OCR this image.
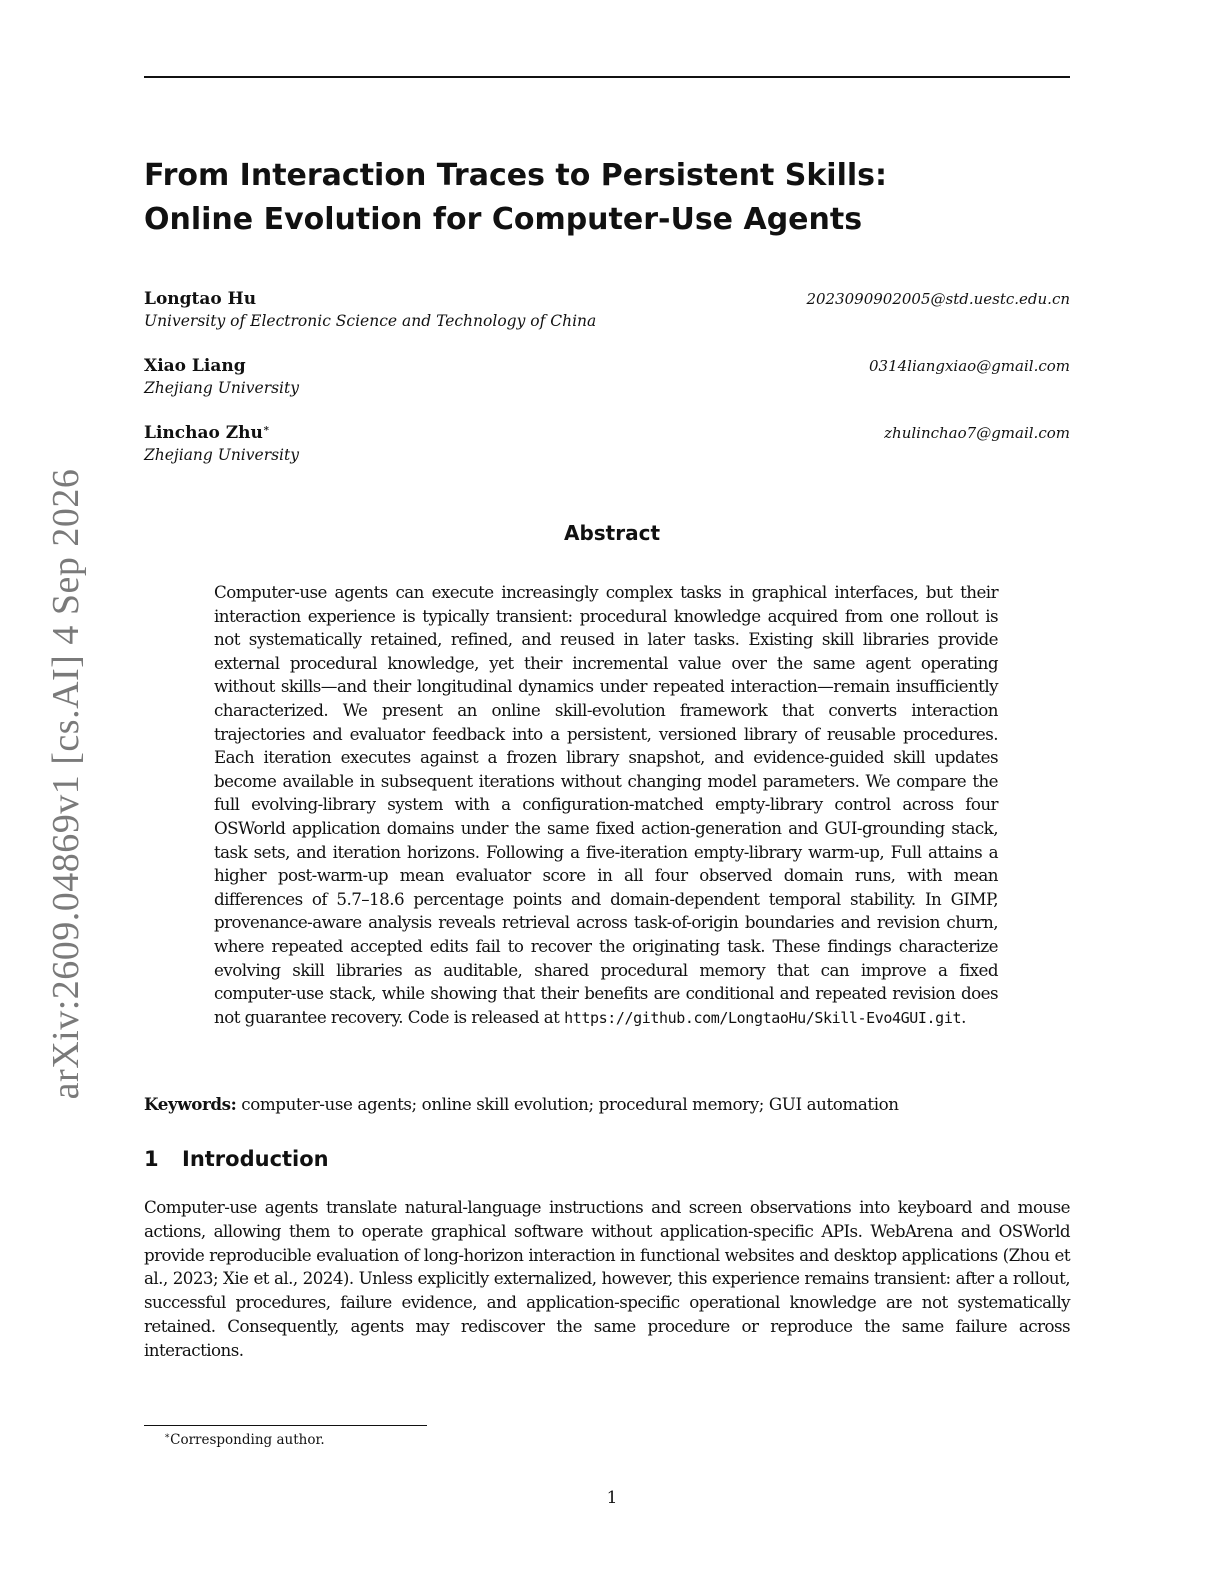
From Interaction Traces to Persistent Skills:
Online Evolution for Computer-Use Agents
Longtao Hu
University of Electronic Science and Technology of China
2023090902005@std.uestc.edu.cn
Xiao Liang
Zhejiang University
0314liangxiao@gmail.com
Linchao Zhu∗
Zhejiang University
zhulinchao7@gmail.com
Abstract

Computer-use agents can execute increasingly complex tasks in graphical interfaces, but their interaction experience is typically transient: procedural knowledge acquired from one rollout is not systematically retained, refined, and reused in later tasks. Existing skill libraries provide external procedural knowledge, yet their incremental value over the same agent operating without skills—and their longitudinal dynamics under repeated interaction—remain insufficiently characterized. We present an online skill-evolution framework that converts interaction trajectories and evaluator feedback into a persistent, versioned library of reusable procedures. Each iteration executes against a frozen library snapshot, and evidence-guided skill updates become available in subsequent iterations without changing model parameters. We compare the full evolving-library system with a configuration-matched empty-library control across four OSWorld application domains under the same fixed action-generation and GUI-grounding stack, task sets, and iteration horizons. Following a five-iteration empty-library warm-up, Full attains a higher post-warm-up mean evaluator score in all four observed domain runs, with mean differences of 5.7–18.6 percentage points and domain-dependent temporal stability. In GIMP, provenance-aware analysis reveals retrieval across task-of-origin boundaries and revision churn, where repeated accepted edits fail to recover the originating task. These findings characterize evolving skill libraries as auditable, shared procedural memory that can improve a fixed computer-use stack, while showing that their benefits are conditional and repeated revision does not guarantee recovery. Code is released at https://github.com/LongtaoHu/Skill-Evo4GUI.git.

Keywords: computer-use agents; online skill evolution; procedural memory; GUI automation

1 Introduction

Computer-use agents translate natural-language instructions and screen observations into keyboard and mouse actions, allowing them to operate graphical software without application-specific APIs. WebArena and OSWorld provide reproducible evaluation of long-horizon interaction in functional websites and desktop applications (Zhou et al., 2023; Xie et al., 2024). Unless explicitly externalized, however, this experience remains transient: after a rollout, successful procedures, failure evidence, and application-specific operational knowledge are not systematically retained. Consequently, agents may rediscover the same procedure or reproduce the same failure across interactions.

∗Corresponding author.

1

arXiv:2609.04869v1 [cs.AI] 4 Sep 2026
